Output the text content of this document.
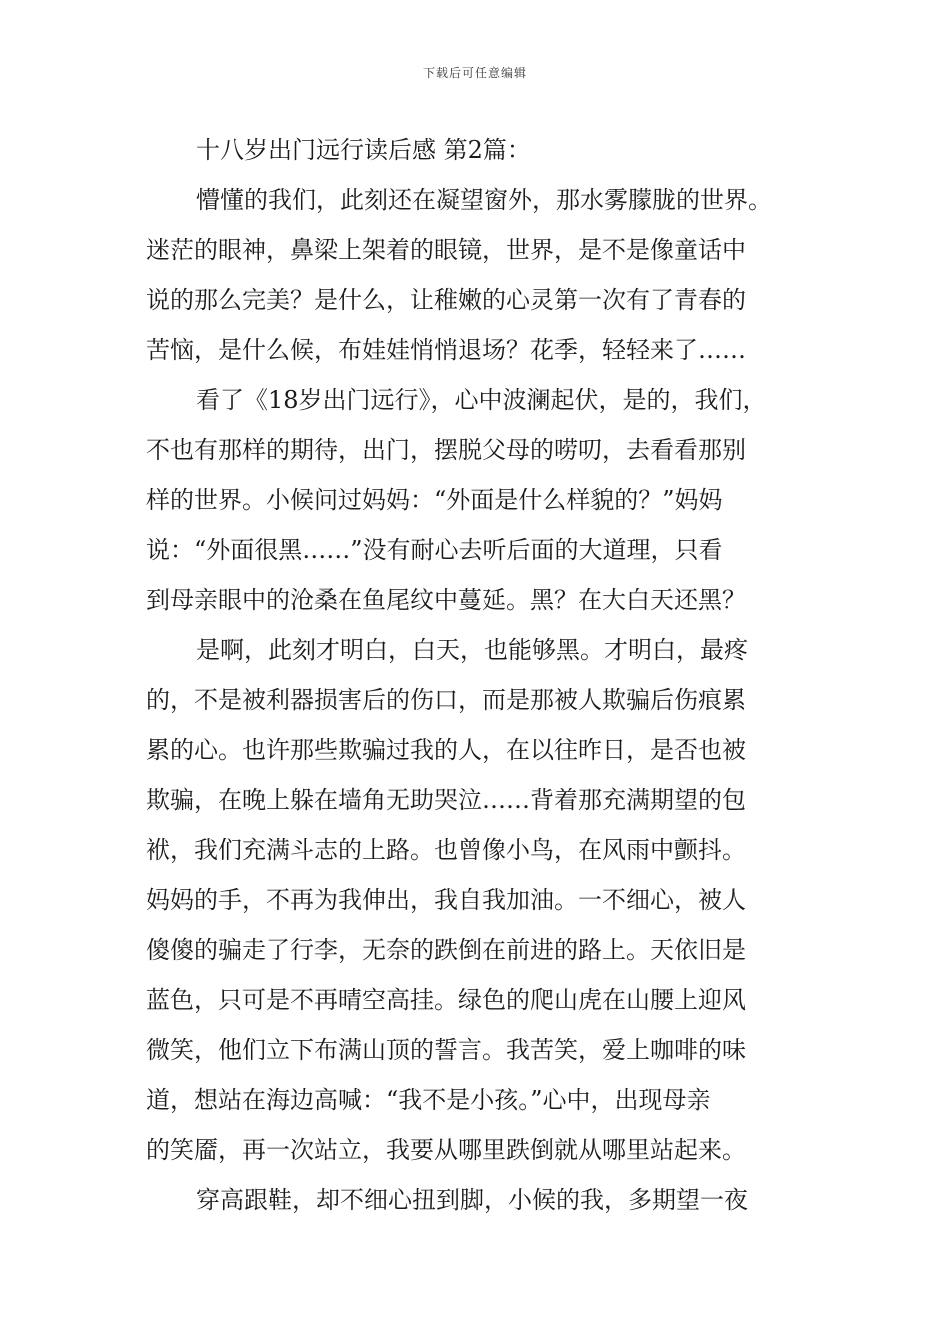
下载后可任意编辑
十八岁出门远行读后感 第2篇：
懵懂的我们，此刻还在凝望窗外，那水雾朦胧的世界。
迷茫的眼神，鼻梁上架着的眼镜，世界，是不是像童话中
说的那么完美？是什么，让稚嫩的心灵第一次有了青春的
苦恼，是什么候，布娃娃悄悄退场？花季，轻轻来了……
看了《18岁出门远行》，心中波澜起伏，是的，我们，
不也有那样的期待，出门，摆脱父母的唠叨，去看看那别
样的世界。小候问过妈妈：“外面是什么样貌的？”妈妈
说：“外面很黑……”没有耐心去听后面的大道理，只看
到母亲眼中的沧桑在鱼尾纹中蔓延。黑？在大白天还黑？
是啊，此刻才明白，白天，也能够黑。才明白，最疼
的，不是被利器损害后的伤口，而是那被人欺骗后伤痕累
累的心。也许那些欺骗过我的人，在以往昨日，是否也被
欺骗，在晚上躲在墙角无助哭泣……背着那充满期望的包
袱，我们充满斗志的上路。也曾像小鸟，在风雨中颤抖。
妈妈的手，不再为我伸出，我自我加油。一不细心，被人
傻傻的骗走了行李，无奈的跌倒在前进的路上。天依旧是
蓝色，只可是不再晴空高挂。绿色的爬山虎在山腰上迎风
微笑，他们立下布满山顶的誓言。我苦笑，爱上咖啡的味
道，想站在海边高喊：“我不是小孩。”心中，出现母亲
的笑靥，再一次站立，我要从哪里跌倒就从哪里站起来。
穿高跟鞋，却不细心扭到脚，小候的我，多期望一夜
